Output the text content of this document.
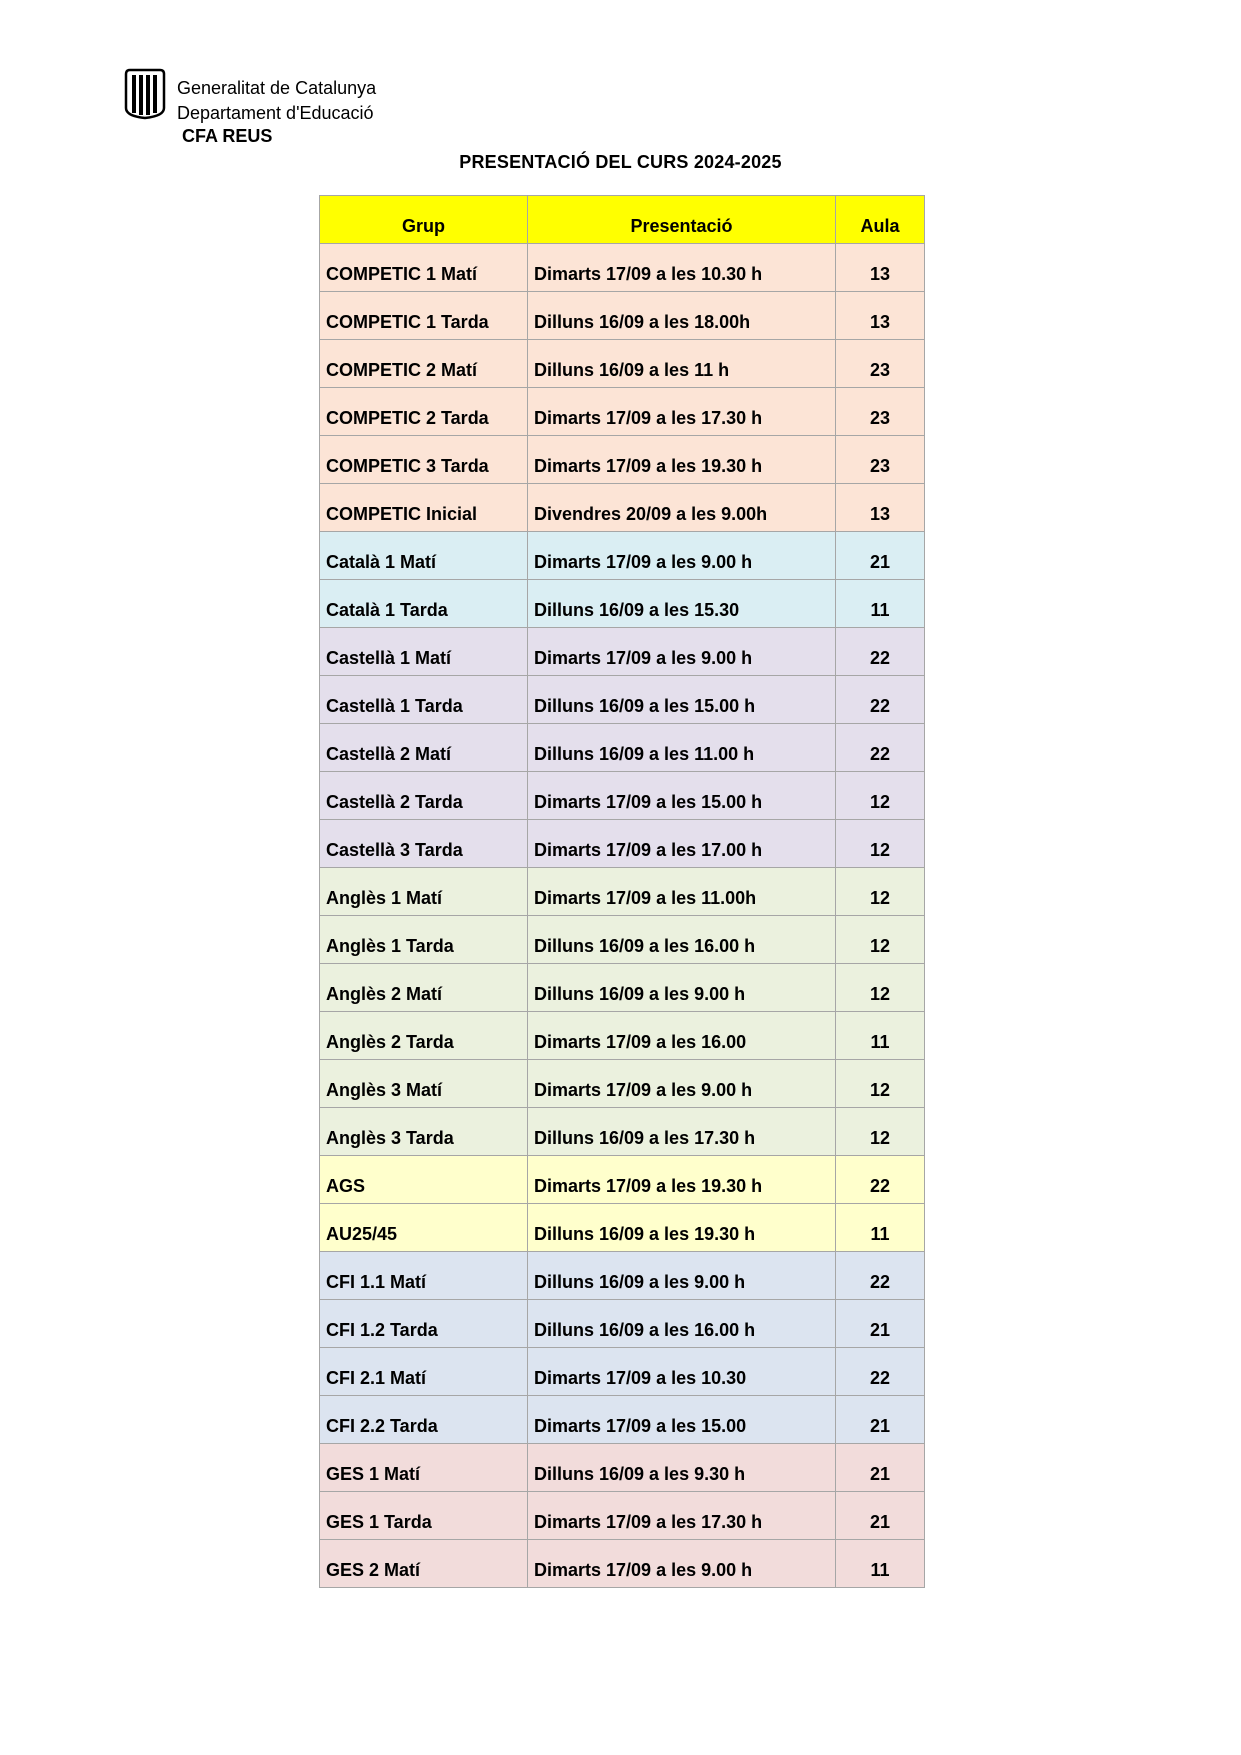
Generalitat de Catalunya
Departament d'Educació
CFA REUS
PRESENTACIÓ DEL CURS 2024-2025
Grup	Presentació	Aula
COMPETIC 1 Matí	Dimarts 17/09 a les 10.30 h	13
COMPETIC 1 Tarda	Dilluns 16/09 a les 18.00h	13
COMPETIC 2 Matí	Dilluns 16/09 a les 11 h	23
COMPETIC 2 Tarda	Dimarts 17/09 a les 17.30 h	23
COMPETIC 3 Tarda	Dimarts 17/09 a les 19.30 h	23
COMPETIC Inicial	Divendres 20/09 a les 9.00h	13
Català 1 Matí	Dimarts 17/09 a les 9.00 h	21
Català 1 Tarda	Dilluns 16/09 a les 15.30	11
Castellà 1 Matí	Dimarts 17/09 a les 9.00 h	22
Castellà 1 Tarda	Dilluns 16/09 a les 15.00 h	22
Castellà 2 Matí	Dilluns 16/09 a les 11.00 h	22
Castellà 2 Tarda	Dimarts 17/09 a les 15.00 h	12
Castellà 3 Tarda	Dimarts 17/09 a les 17.00 h	12
Anglès 1 Matí	Dimarts 17/09 a les 11.00h	12
Anglès 1 Tarda	Dilluns 16/09 a les 16.00 h	12
Anglès 2 Matí	Dilluns 16/09 a les 9.00 h	12
Anglès 2 Tarda	Dimarts 17/09 a les 16.00	11
Anglès 3 Matí	Dimarts 17/09 a les 9.00 h	12
Anglès 3 Tarda	Dilluns 16/09 a les 17.30 h	12
AGS	Dimarts 17/09 a les 19.30 h	22
AU25/45	Dilluns 16/09 a les 19.30 h	11
CFI 1.1 Matí	Dilluns 16/09 a les 9.00 h	22
CFI 1.2 Tarda	Dilluns 16/09 a les 16.00 h	21
CFI 2.1 Matí	Dimarts 17/09 a les 10.30	22
CFI 2.2 Tarda	Dimarts 17/09 a les 15.00	21
GES 1 Matí	Dilluns 16/09 a les 9.30 h	21
GES 1 Tarda	Dimarts 17/09 a les 17.30 h	21
GES 2 Matí	Dimarts 17/09 a les 9.00 h	11
